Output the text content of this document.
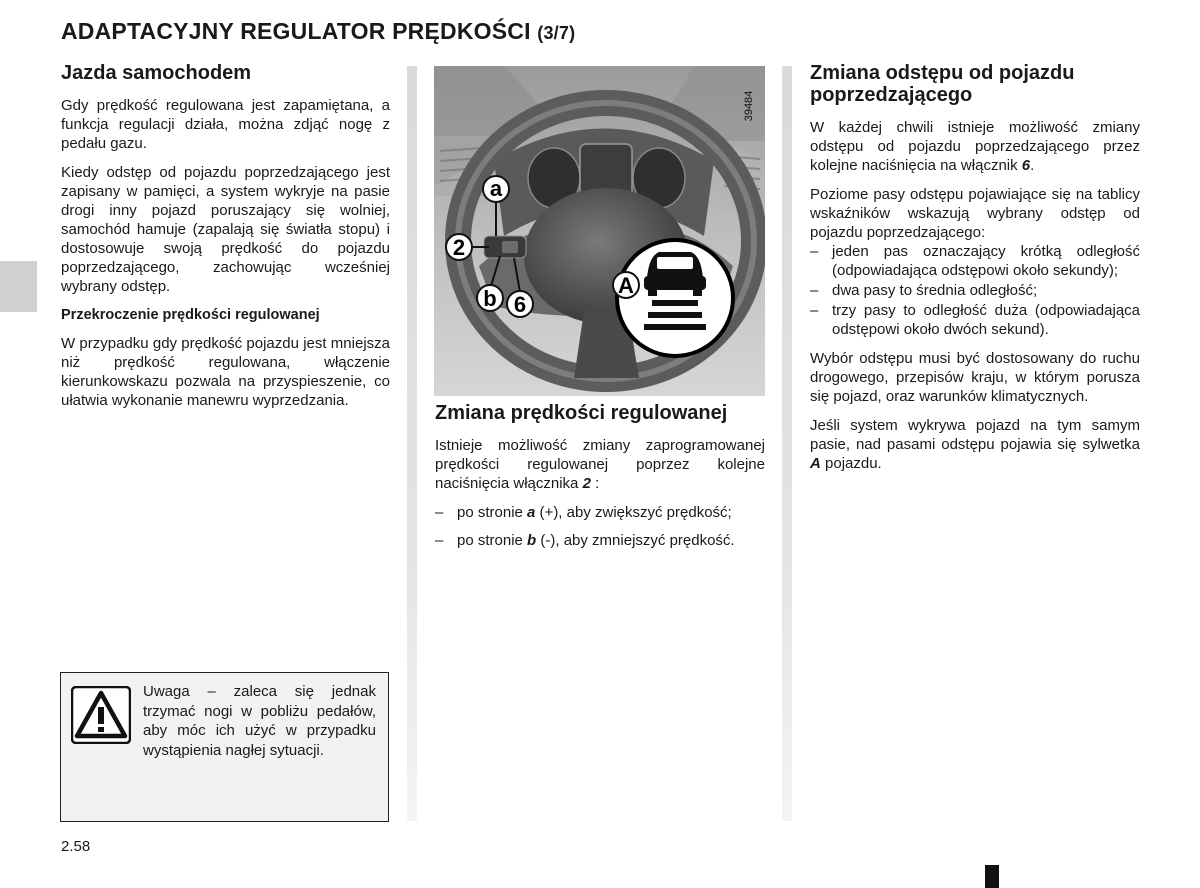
ADAPTACYJNY REGULATOR PRĘDKOŚCI (3/7)
Jazda samochodem

Gdy prędkość regulowana jest zapamiętana, a funkcja regulacji działa, można zdjąć nogę z pedału gazu.

Kiedy odstęp od pojazdu poprzedzającego jest zapisany w pamięci, a system wykryje na pasie drogi inny pojazd poruszający się wolniej, samochód hamuje (zapalają się światła stopu) i dostosowuje swoją prędkość do pojazdu poprzedzającego, zachowując wcześniej wybrany odstęp.

Przekroczenie prędkości regulowanej

W przypadku gdy prędkość pojazdu jest mniejsza niż prędkość regulowana, włączenie kierunkowskazu pozwala na przyspieszenie, co ułatwia wykonanie manewru wyprzedzania.

Uwaga – zaleca się jednak trzymać nogi w pobliżu pedałów, aby móc ich użyć w przypadku wystąpienia nagłej sytuacji.
a
2
b 6
A
39484
Zmiana prędkości regulowanej

Istnieje możliwość zmiany zaprogramowanej prędkości regulowanej poprzez kolejne naciśnięcia włącznika 2 :

– po stronie a (+), aby zwiększyć prędkość;
– po stronie b (-), aby zmniejszyć prędkość.
Zmiana odstępu od pojazdu poprzedzającego

W każdej chwili istnieje możliwość zmiany odstępu od pojazdu poprzedzającego przez kolejne naciśnięcia na włącznik 6.

Poziome pasy odstępu pojawiające się na tablicy wskaźników wskazują wybrany odstęp od pojazdu poprzedzającego:

– jeden pas oznaczający krótką odległość (odpowiadająca odstępowi około sekundy);
– dwa pasy to średnia odległość;
– trzy pasy to odległość duża (odpowiadająca odstępowi około dwóch sekund).

Wybór odstępu musi być dostosowany do ruchu drogowego, przepisów kraju, w którym porusza się pojazd, oraz warunków klimatycznych.

Jeśli system wykrywa pojazd na tym samym pasie, nad pasami odstępu pojawia się sylwetka A pojazdu.

2.58
